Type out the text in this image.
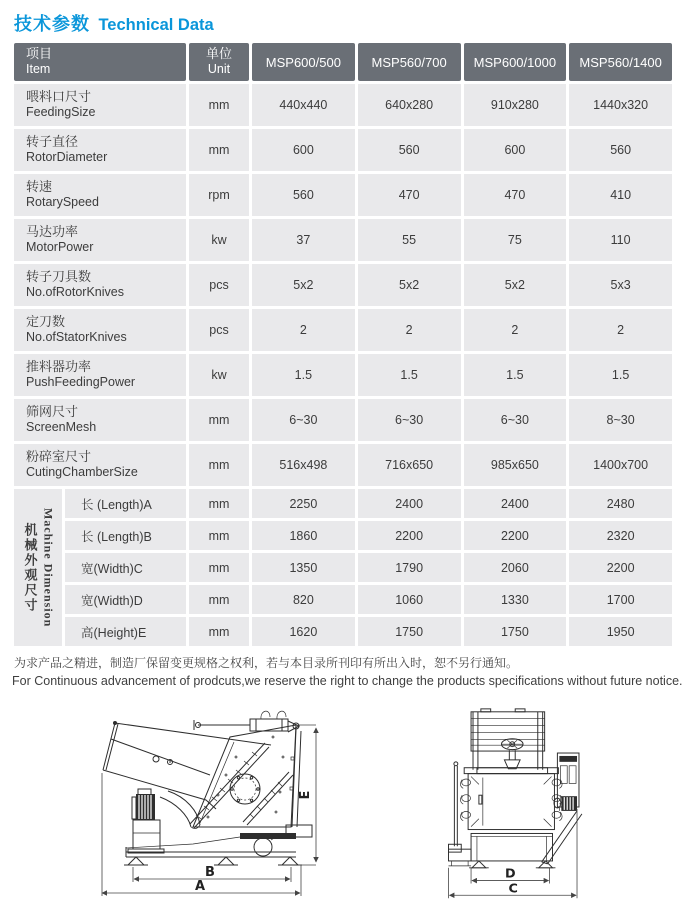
技术参数 Technical Data
项目
Item
单位
Unit	MSP600/500	MSP560/700	MSP600/1000	MSP560/1400
喂料口尺寸
FeedingSize
mm	440x440	640x280	910x280	1440x320
转子直径
RotorDiameter
mm	600	560	600	560
转速
RotarySpeed
rpm	560	470	470	410
马达功率
MotorPower
kw	37	55	75	110
转子刀具数
No.ofRotorKnives
pcs	5x2	5x2	5x2	5x3
定刀数
No.ofStatorKnives
pcs	2	2	2	2
推料器功率
PushFeedingPower
kw	1.5	1.5	1.5	1.5
筛网尺寸
ScreenMesh
mm	6~30	6~30	6~30	8~30
粉碎室尺寸
CutingChamberSize
mm	516x498	716x650	985x650	1400x700
机械外观尺寸 Machine Dimension
长 (Length)A	mm	2250	2400	2400	2480
长 (Length)B	mm	1860	2200	2200	2320
宽(Width)C	mm	1350	1790	2060	2200
宽(Width)D	mm	820	1060	1330	1700
高(Height)E	mm	1620	1750	1750	1950
为求产品之精进，制造厂保留变更规格之权利，若与本目录所刊印有所出入时，恕不另行通知。
For Continuous advancement of prodcuts,we reserve the right to change the products specifications without future notice.
E
B
A
D
C
